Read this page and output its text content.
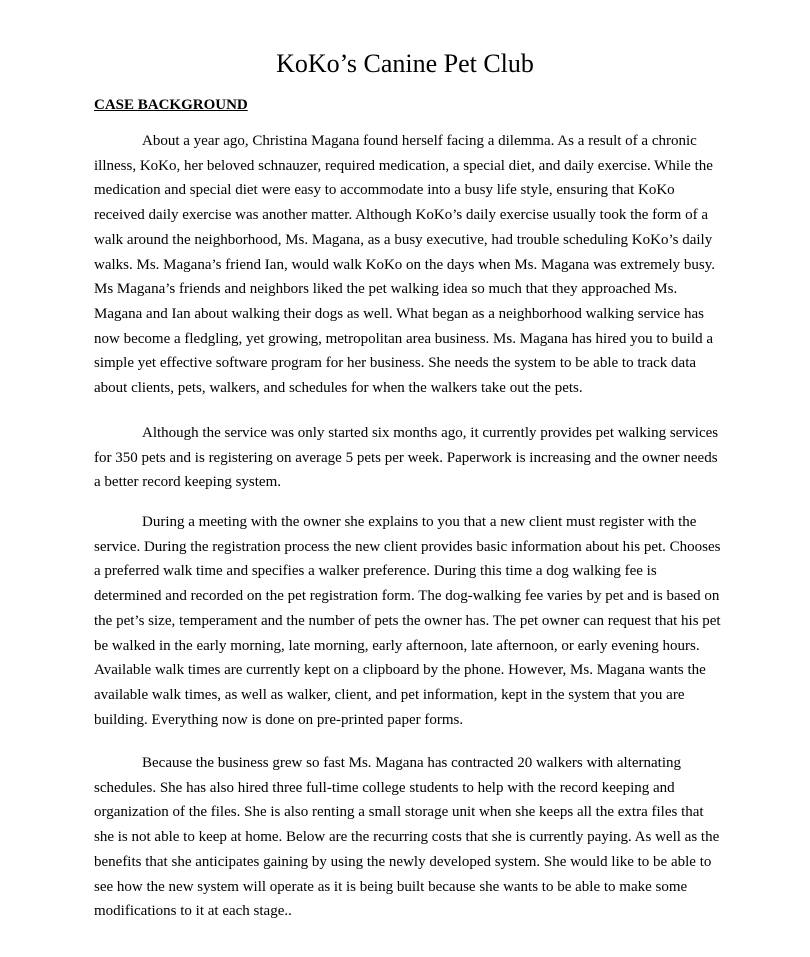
KoKo’s Canine Pet Club
CASE BACKGROUND

About a year ago, Christina Magana found herself facing a dilemma. As a result of a chronic illness, KoKo, her beloved schnauzer, required medication, a special diet, and daily exercise. While the medication and special diet were easy to accommodate into a busy life style, ensuring that KoKo received daily exercise was another matter. Although KoKo’s daily exercise usually took the form of a walk around the neighborhood, Ms. Magana, as a busy executive, had trouble scheduling KoKo’s daily walks. Ms. Magana’s friend Ian, would walk KoKo on the days when Ms. Magana was extremely busy. Ms Magana’s friends and neighbors liked the pet walking idea so much that they approached Ms. Magana and Ian about walking their dogs as well. What began as a neighborhood walking service has now become a fledgling, yet growing, metropolitan area business. Ms. Magana has hired you to build a simple yet effective software program for her business. She needs the system to be able to track data about clients, pets, walkers, and schedules for when the walkers take out the pets.

Although the service was only started six months ago, it currently provides pet walking services for 350 pets and is registering on average 5 pets per week. Paperwork is increasing and the owner needs a better record keeping system.

During a meeting with the owner she explains to you that a new client must register with the service. During the registration process the new client provides basic information about his pet. Chooses a preferred walk time and specifies a walker preference. During this time a dog walking fee is determined and recorded on the pet registration form. The dog-walking fee varies by pet and is based on the pet’s size, temperament and the number of pets the owner has. The pet owner can request that his pet be walked in the early morning, late morning, early afternoon, late afternoon, or early evening hours. Available walk times are currently kept on a clipboard by the phone. However, Ms. Magana wants the available walk times, as well as walker, client, and pet information, kept in the system that you are building. Everything now is done on pre-printed paper forms.

Because the business grew so fast Ms. Magana has contracted 20 walkers with alternating schedules. She has also hired three full-time college students to help with the record keeping and organization of the files. She is also renting a small storage unit when she keeps all the extra files that she is not able to keep at home. Below are the recurring costs that she is currently paying. As well as the benefits that she anticipates gaining by using the newly developed system. She would like to be able to see how the new system will operate as it is being built because she wants to be able to make some modifications to it at each stage..
